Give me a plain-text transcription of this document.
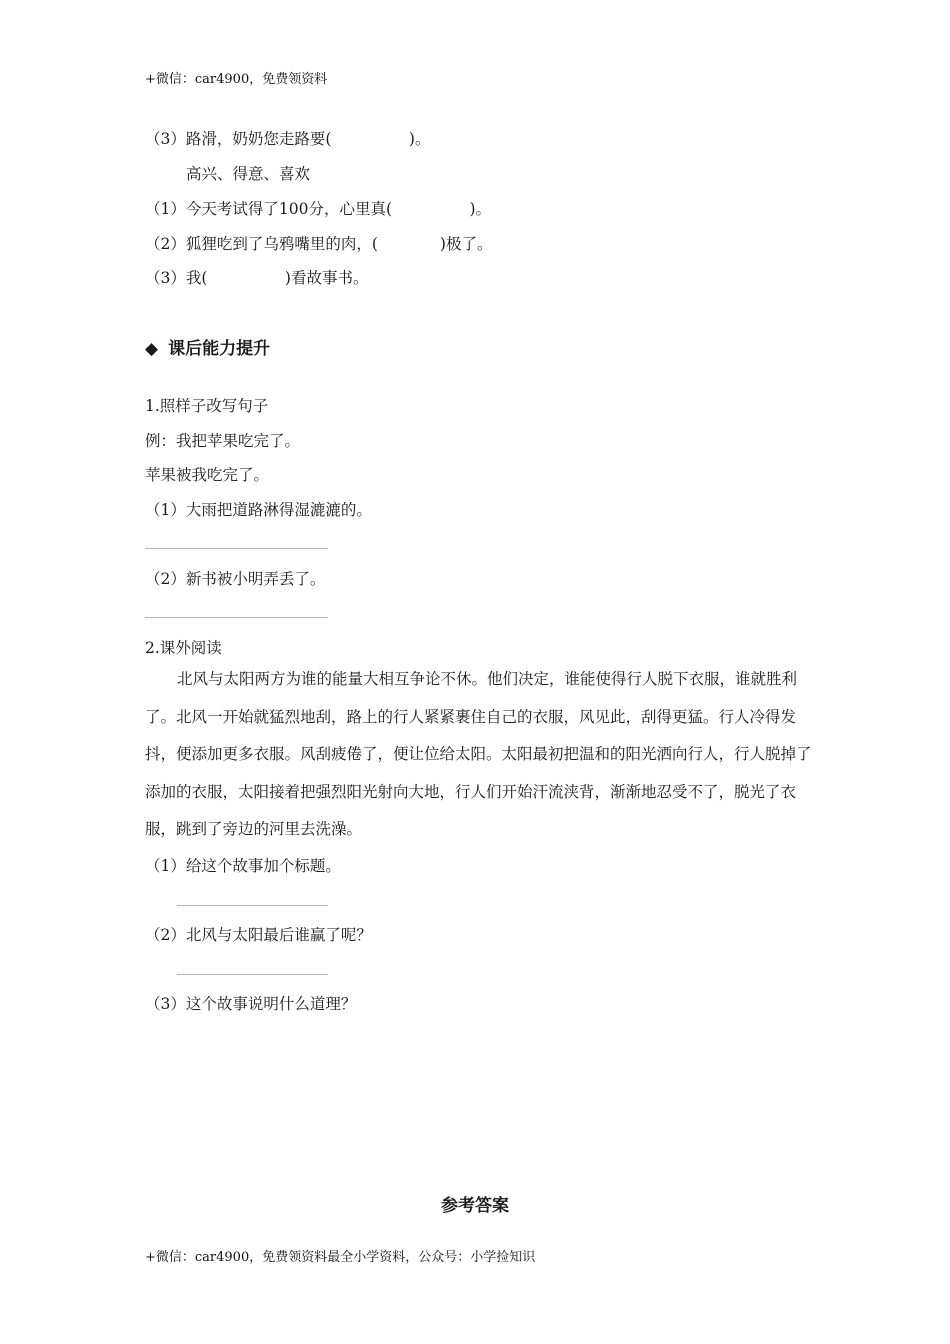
+微信：car4900，免费领资料
（3）路滑，奶奶您走路要(　　　　　)。
高兴、得意、喜欢
（1）今天考试得了100分，心里真(　　　　　)。
（2）狐狸吃到了乌鸦嘴里的肉，(　　　　)极了。
（3）我(　　　　　)看故事书。
◆ 课后能力提升
1.照样子改写句子
例：我把苹果吃完了。
苹果被我吃完了。
（1）大雨把道路淋得湿漉漉的。
（2）新书被小明弄丢了。
2.课外阅读

北风与太阳两方为谁的能量大相互争论不休。他们决定，谁能使得行人脱下衣服，谁就胜利了。北风一开始就猛烈地刮，路上的行人紧紧裹住自己的衣服，风见此，刮得更猛。行人冷得发抖，便添加更多衣服。风刮疲倦了，便让位给太阳。太阳最初把温和的阳光洒向行人，行人脱掉了添加的衣服，太阳接着把强烈阳光射向大地，行人们开始汗流浃背，渐渐地忍受不了，脱光了衣服，跳到了旁边的河里去洗澡。

（1）给这个故事加个标题。
（2）北风与太阳最后谁赢了呢？
（3）这个故事说明什么道理？
参考答案
+微信：car4900，免费领资料最全小学资料，公众号：小学捡知识
